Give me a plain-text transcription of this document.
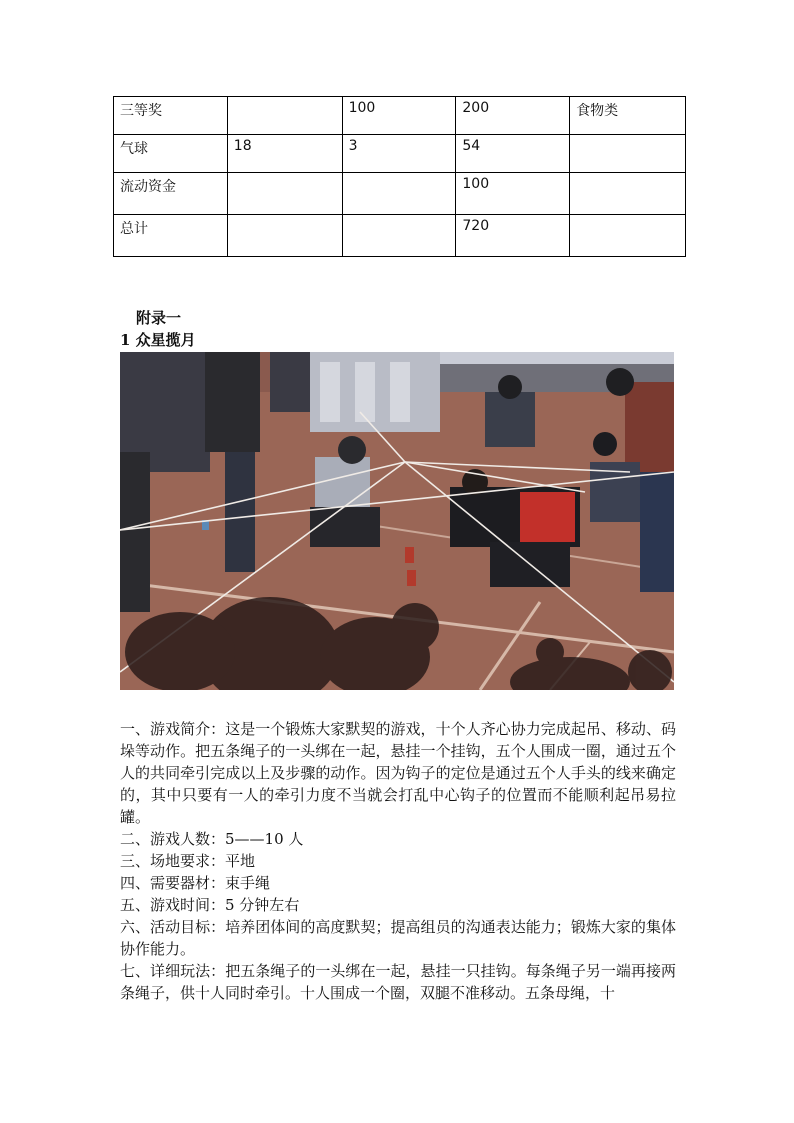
三等奖		100	200	食物类
气球	18	3	54	
流动资金			100	
总计			720	
附录一
1 众星揽月

一、游戏简介：这是一个锻炼大家默契的游戏，十个人齐心协力完成起吊、移动、码垛等动作。把五条绳子的一头绑在一起，悬挂一个挂钩，五个人围成一圈，通过五个人的共同牵引完成以上及步骤的动作。因为钩子的定位是通过五个人手头的线来确定的，其中只要有一人的牵引力度不当就会打乱中心钩子的位置而不能顺利起吊易拉罐。

二、游戏人数：5——10 人

三、场地要求：平地

四、需要器材：束手绳

五、游戏时间：5 分钟左右

六、活动目标：培养团体间的高度默契；提高组员的沟通表达能力；锻炼大家的集体协作能力。

七、详细玩法：把五条绳子的一头绑在一起，悬挂一只挂钩。每条绳子另一端再接两条绳子，供十人同时牵引。十人围成一个圈，双腿不准移动。五条母绳，十
